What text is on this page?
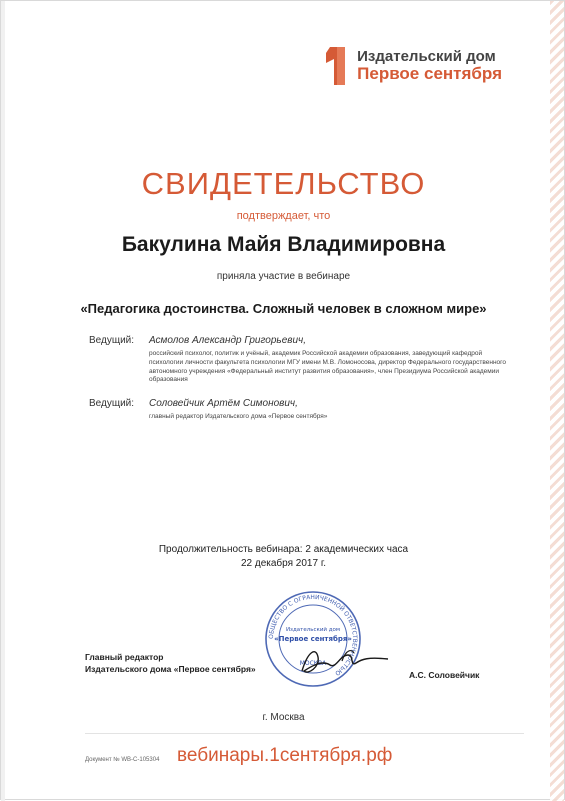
Издательский дом
Первое сентября
СВИДЕТЕЛЬСТВО
подтверждает, что
Бакулина Майя Владимировна
приняла участие в вебинаре
«Педагогика достоинства. Сложный человек в сложном мире»
Ведущий:	Асмолов Александр Григорьевич,
российский психолог, политик и учёный, академик Российской академии образования, заведующий кафедрой психологии личности факультета психологии МГУ имени М.В. Ломоносова, директор Федерального государственного автономного учреждения «Федеральный институт развития образования», член Президиума Российской академии образования
Ведущий:	Соловейчик Артём Симонович,
главный редактор Издательского дома «Первое сентября»
Продолжительность вебинара: 2 академических часа
22 декабря 2017 г.
ОБЩЕСТВО С ОГРАНИЧЕННОЙ ОТВЕТСТВЕННОСТЬЮ
Издательский дом
«Первое сентября»
МОСКВА
Главный редактор
Издательского дома «Первое сентября»
А.С. Соловейчик
г. Москва
Документ № WB-C-105304 вебинары.1сентября.рф
